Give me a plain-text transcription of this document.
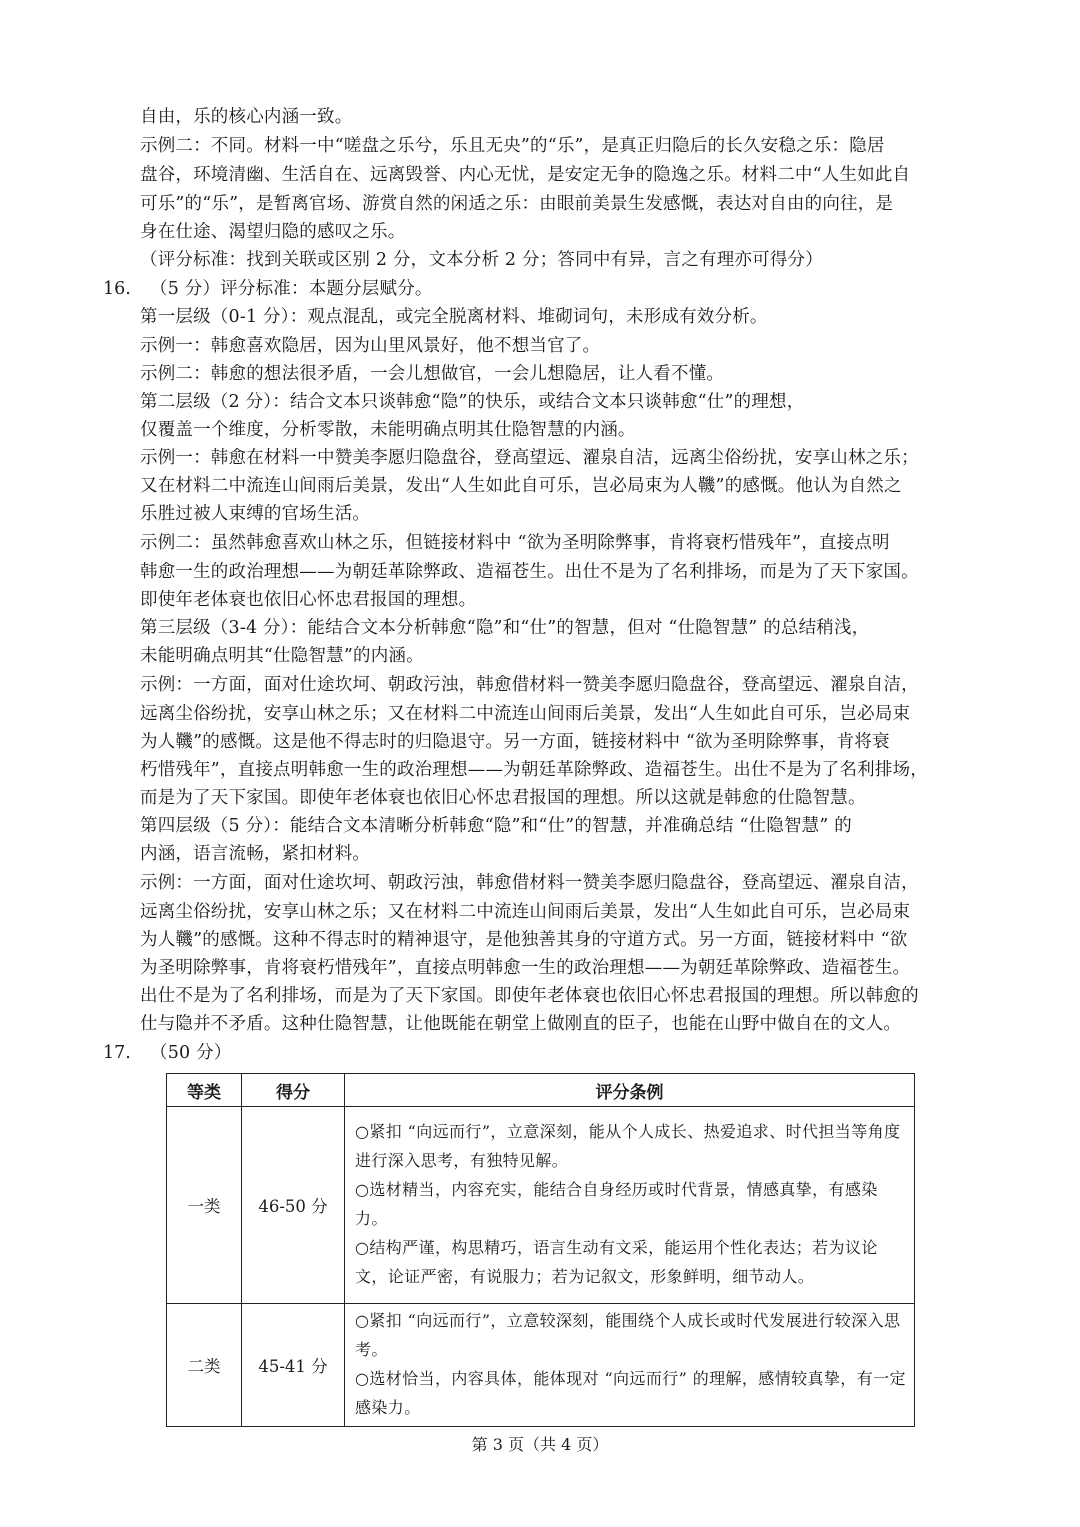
自由，乐的核心内涵一致。
示例二：不同。材料一中“嗟盘之乐兮，乐且无央”的“乐”，是真正归隐后的长久安稳之乐：隐居
盘谷，环境清幽、生活自在、远离毁誉、内心无忧，是安定无争的隐逸之乐。材料二中“人生如此自
可乐”的“乐”，是暂离官场、游赏自然的闲适之乐：由眼前美景生发感慨，表达对自由的向往，是
身在仕途、渴望归隐的感叹之乐。
（评分标准：找到关联或区别 2 分，文本分析 2 分；答同中有异，言之有理亦可得分）
16. （5 分）评分标准：本题分层赋分。
第一层级（0-1 分）：观点混乱，或完全脱离材料、堆砌词句，未形成有效分析。
示例一：韩愈喜欢隐居，因为山里风景好，他不想当官了。
示例二：韩愈的想法很矛盾，一会儿想做官，一会儿想隐居，让人看不懂。
第二层级（2 分）：结合文本只谈韩愈“隐”的快乐，或结合文本只谈韩愈“仕”的理想，
仅覆盖一个维度，分析零散，未能明确点明其仕隐智慧的内涵。
示例一：韩愈在材料一中赞美李愿归隐盘谷，登高望远、濯泉自洁，远离尘俗纷扰，安享山林之乐；
又在材料二中流连山间雨后美景，发出“人生如此自可乐，岂必局束为人鞿”的感慨。他认为自然之
乐胜过被人束缚的官场生活。
示例二：虽然韩愈喜欢山林之乐，但链接材料中 “欲为圣明除弊事，肯将衰朽惜残年”，直接点明
韩愈一生的政治理想——为朝廷革除弊政、造福苍生。出仕不是为了名利排场，而是为了天下家国。
即使年老体衰也依旧心怀忠君报国的理想。
第三层级（3-4 分）：能结合文本分析韩愈“隐”和“仕”的智慧，但对 “仕隐智慧” 的总结稍浅，
未能明确点明其“仕隐智慧”的内涵。
示例：一方面，面对仕途坎坷、朝政污浊，韩愈借材料一赞美李愿归隐盘谷，登高望远、濯泉自洁，
远离尘俗纷扰，安享山林之乐；又在材料二中流连山间雨后美景，发出“人生如此自可乐，岂必局束
为人鞿”的感慨。这是他不得志时的归隐退守。另一方面，链接材料中 “欲为圣明除弊事，肯将衰
朽惜残年”，直接点明韩愈一生的政治理想——为朝廷革除弊政、造福苍生。出仕不是为了名利排场，
而是为了天下家国。即使年老体衰也依旧心怀忠君报国的理想。所以这就是韩愈的仕隐智慧。
第四层级（5 分）：能结合文本清晰分析韩愈“隐”和“仕”的智慧，并准确总结 “仕隐智慧” 的
内涵，语言流畅，紧扣材料。
示例：一方面，面对仕途坎坷、朝政污浊，韩愈借材料一赞美李愿归隐盘谷，登高望远、濯泉自洁，
远离尘俗纷扰，安享山林之乐；又在材料二中流连山间雨后美景，发出“人生如此自可乐，岂必局束
为人鞿”的感慨。这种不得志时的精神退守，是他独善其身的守道方式。另一方面，链接材料中 “欲
为圣明除弊事，肯将衰朽惜残年”，直接点明韩愈一生的政治理想——为朝廷革除弊政、造福苍生。
出仕不是为了名利排场，而是为了天下家国。即使年老体衰也依旧心怀忠君报国的理想。所以韩愈的
仕与隐并不矛盾。这种仕隐智慧，让他既能在朝堂上做刚直的臣子，也能在山野中做自在的文人。
17. （50 分）
等类	得分	评分条例
一类	46-50 分	○紧扣 “向远而行”，立意深刻，能从个人成长、热爱追求、时代担当等角度进行深入思考，有独特见解。
○选材精当，内容充实，能结合自身经历或时代背景，情感真挚，有感染力。
○结构严谨，构思精巧，语言生动有文采，能运用个性化表达；若为议论文，论证严密，有说服力；若为记叙文，形象鲜明，细节动人。

二类	45-41 分	○紧扣 “向远而行”，立意较深刻，能围绕个人成长或时代发展进行较深入思考。
○选材恰当，内容具体，能体现对 “向远而行” 的理解，感情较真挚，有一定感染力。
第 3 页（共 4 页）
